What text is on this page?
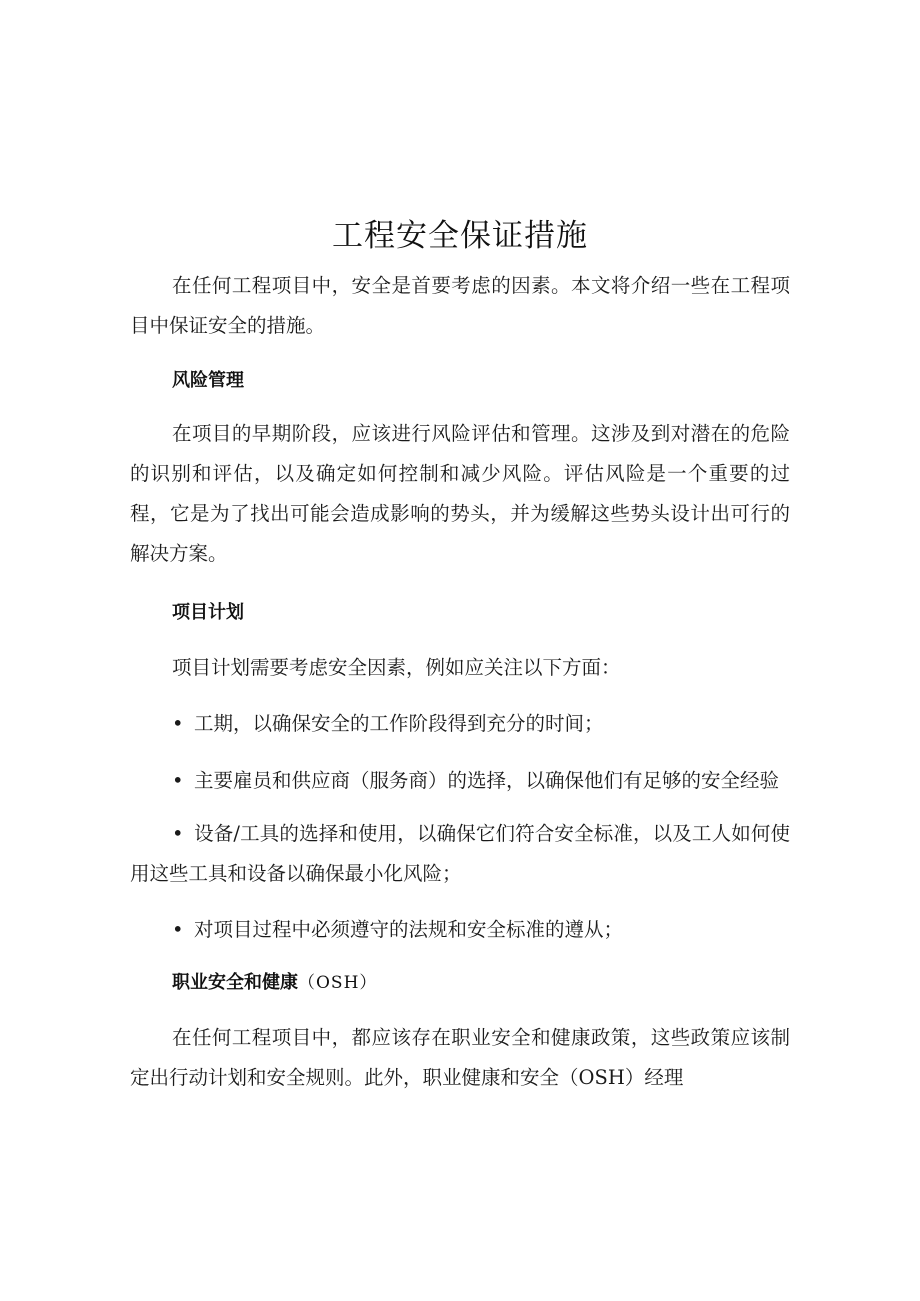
工程安全保证措施
在任何工程项目中，安全是首要考虑的因素。本文将介绍一些在工程项目中保证安全的措施。
风险管理
在项目的早期阶段，应该进行风险评估和管理。这涉及到对潜在的危险的识别和评估，以及确定如何控制和减少风险。评估风险是一个重要的过程，它是为了找出可能会造成影响的势头，并为缓解这些势头设计出可行的解决方案。
项目计划
项目计划需要考虑安全因素，例如应关注以下方面：
• 工期，以确保安全的工作阶段得到充分的时间；
• 主要雇员和供应商（服务商）的选择，以确保他们有足够的安全经验
• 设备/工具的选择和使用，以确保它们符合安全标准，以及工人如何使用这些工具和设备以确保最小化风险；
• 对项目过程中必须遵守的法规和安全标准的遵从；
职业安全和健康（OSH）
在任何工程项目中，都应该存在职业安全和健康政策，这些政策应该制定出行动计划和安全规则。此外，职业健康和安全（OSH）经理
